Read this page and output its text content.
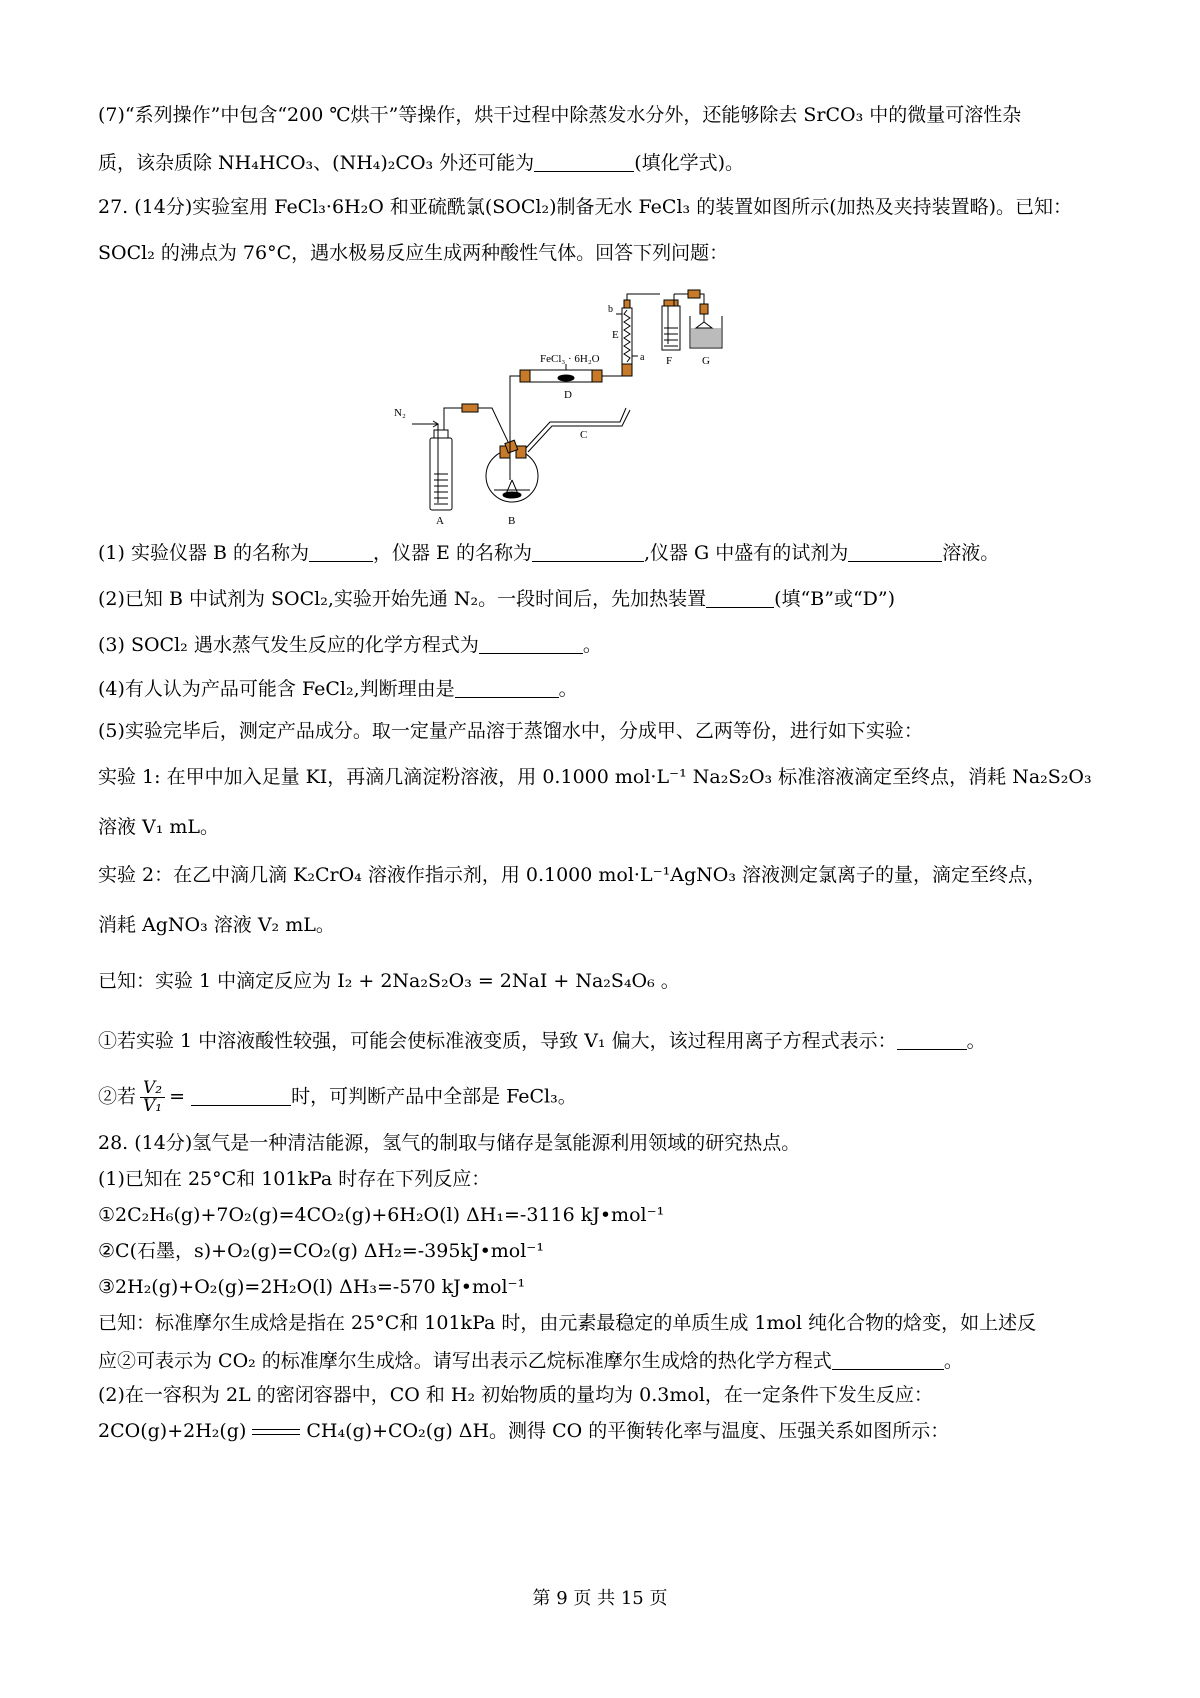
(7)“系列操作”中包含“200 ℃烘干”等操作，烘干过程中除蒸发水分外，还能够除去 SrCO₃ 中的微量可溶性杂
质，该杂质除 NH₄HCO₃、(NH₄)₂CO₃ 外还可能为	(填化学式)。
27. (14分)实验室用 FeCl₃·6H₂O 和亚硫酰氯(SOCl₂)制备无水 FeCl₃ 的装置如图所示(加热及夹持装置略)。已知：
SOCl₂ 的沸点为 76°C，遇水极易反应生成两种酸性气体。回答下列问题：
N₂
A	B
C
D
E
F	G
a
b
FeCl₃ · 6H₂O
(1) 实验仪器 B 的名称为	，仪器 E 的名称为	,仪器 G 中盛有的试剂为	溶液。
(2)已知 B 中试剂为 SOCl₂,实验开始先通 N₂。一段时间后，先加热装置	(填“B”或“D”)
(3) SOCl₂ 遇水蒸气发生反应的化学方程式为	。
(4)有人认为产品可能含 FeCl₂,判断理由是	。
(5)实验完毕后，测定产品成分。取一定量产品溶于蒸馏水中，分成甲、乙两等份，进行如下实验：
实验 1: 在甲中加入足量 KI，再滴几滴淀粉溶液，用 0.1000 mol·L⁻¹ Na₂S₂O₃ 标准溶液滴定至终点，消耗 Na₂S₂O₃
溶液 V₁ mL。
实验 2：在乙中滴几滴 K₂CrO₄ 溶液作指示剂，用 0.1000 mol·L⁻¹AgNO₃ 溶液测定氯离子的量，滴定至终点，
消耗 AgNO₃ 溶液 V₂ mL。
已知：实验 1 中滴定反应为 I₂ + 2Na₂S₂O₃ = 2NaI + Na₂S₄O₆ 。
①若实验 1 中溶液酸性较强，可能会使标准液变质，导致 V₁ 偏大，该过程用离子方程式表示：	。
②若 $\frac{\text{V₂}}{\text{V₁}}$ =	时，可判断产品中全部是 FeCl₃。
28. (14分)氢气是一种清洁能源，氢气的制取与储存是氢能源利用领域的研究热点。
(1)已知在 25°C和 101kPa 时存在下列反应：
①2C₂H₆(g)+7O₂(g)=4CO₂(g)+6H₂O(l) ΔH₁=-3116 kJ•mol⁻¹
②C(石墨，s)+O₂(g)=CO₂(g) ΔH₂=-395kJ•mol⁻¹
③2H₂(g)+O₂(g)=2H₂O(l) ΔH₃=-570 kJ•mol⁻¹
已知：标准摩尔生成焓是指在 25°C和 101kPa 时，由元素最稳定的单质生成 1mol 纯化合物的焓变，如上述反
应②可表示为 CO₂ 的标准摩尔生成焓。请写出表示乙烷标准摩尔生成焓的热化学方程式	。
(2)在一容积为 2L 的密闭容器中，CO 和 H₂ 初始物质的量均为 0.3mol，在一定条件下发生反应：
2CO(g)+2H₂(g)	CH₄(g)+CO₂(g) ΔH。测得 CO 的平衡转化率与温度、压强关系如图所示：
第 9 页 共 15 页
